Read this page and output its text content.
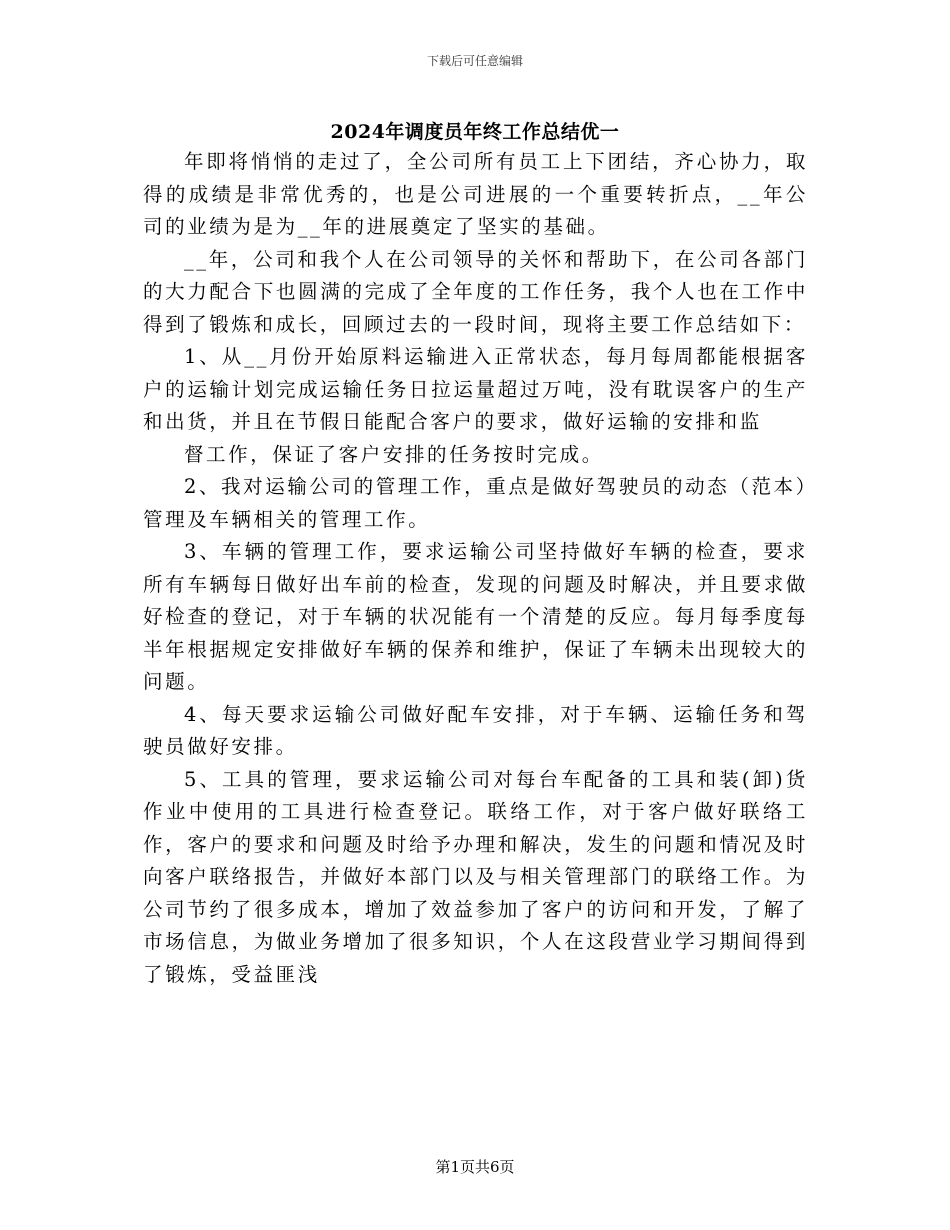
下载后可任意编辑
2024年调度员年终工作总结优一

年即将悄悄的走过了，全公司所有员工上下团结，齐心协力，取得的成绩是非常优秀的，也是公司进展的一个重要转折点，__年公司的业绩为是为__年的进展奠定了坚实的基础。

__年，公司和我个人在公司领导的关怀和帮助下，在公司各部门的大力配合下也圆满的完成了全年度的工作任务，我个人也在工作中得到了锻炼和成长，回顾过去的一段时间，现将主要工作总结如下：

1、从__月份开始原料运输进入正常状态，每月每周都能根据客户的运输计划完成运输任务日拉运量超过万吨，没有耽误客户的生产和出货，并且在节假日能配合客户的要求，做好运输的安排和监

督工作，保证了客户安排的任务按时完成。

2、我对运输公司的管理工作，重点是做好驾驶员的动态（范本）管理及车辆相关的管理工作。

3、车辆的管理工作，要求运输公司坚持做好车辆的检查，要求所有车辆每日做好出车前的检查，发现的问题及时解决，并且要求做好检查的登记，对于车辆的状况能有一个清楚的反应。每月每季度每半年根据规定安排做好车辆的保养和维护，保证了车辆未出现较大的问题。

4、每天要求运输公司做好配车安排，对于车辆、运输任务和驾驶员做好安排。

5、工具的管理，要求运输公司对每台车配备的工具和装(卸)货作业中使用的工具进行检查登记。联络工作，对于客户做好联络工作，客户的要求和问题及时给予办理和解决，发生的问题和情况及时向客户联络报告，并做好本部门以及与相关管理部门的联络工作。为公司节约了很多成本，增加了效益参加了客户的访问和开发，了解了市场信息，为做业务增加了很多知识，个人在这段营业学习期间得到了锻炼，受益匪浅

第1页共6页
